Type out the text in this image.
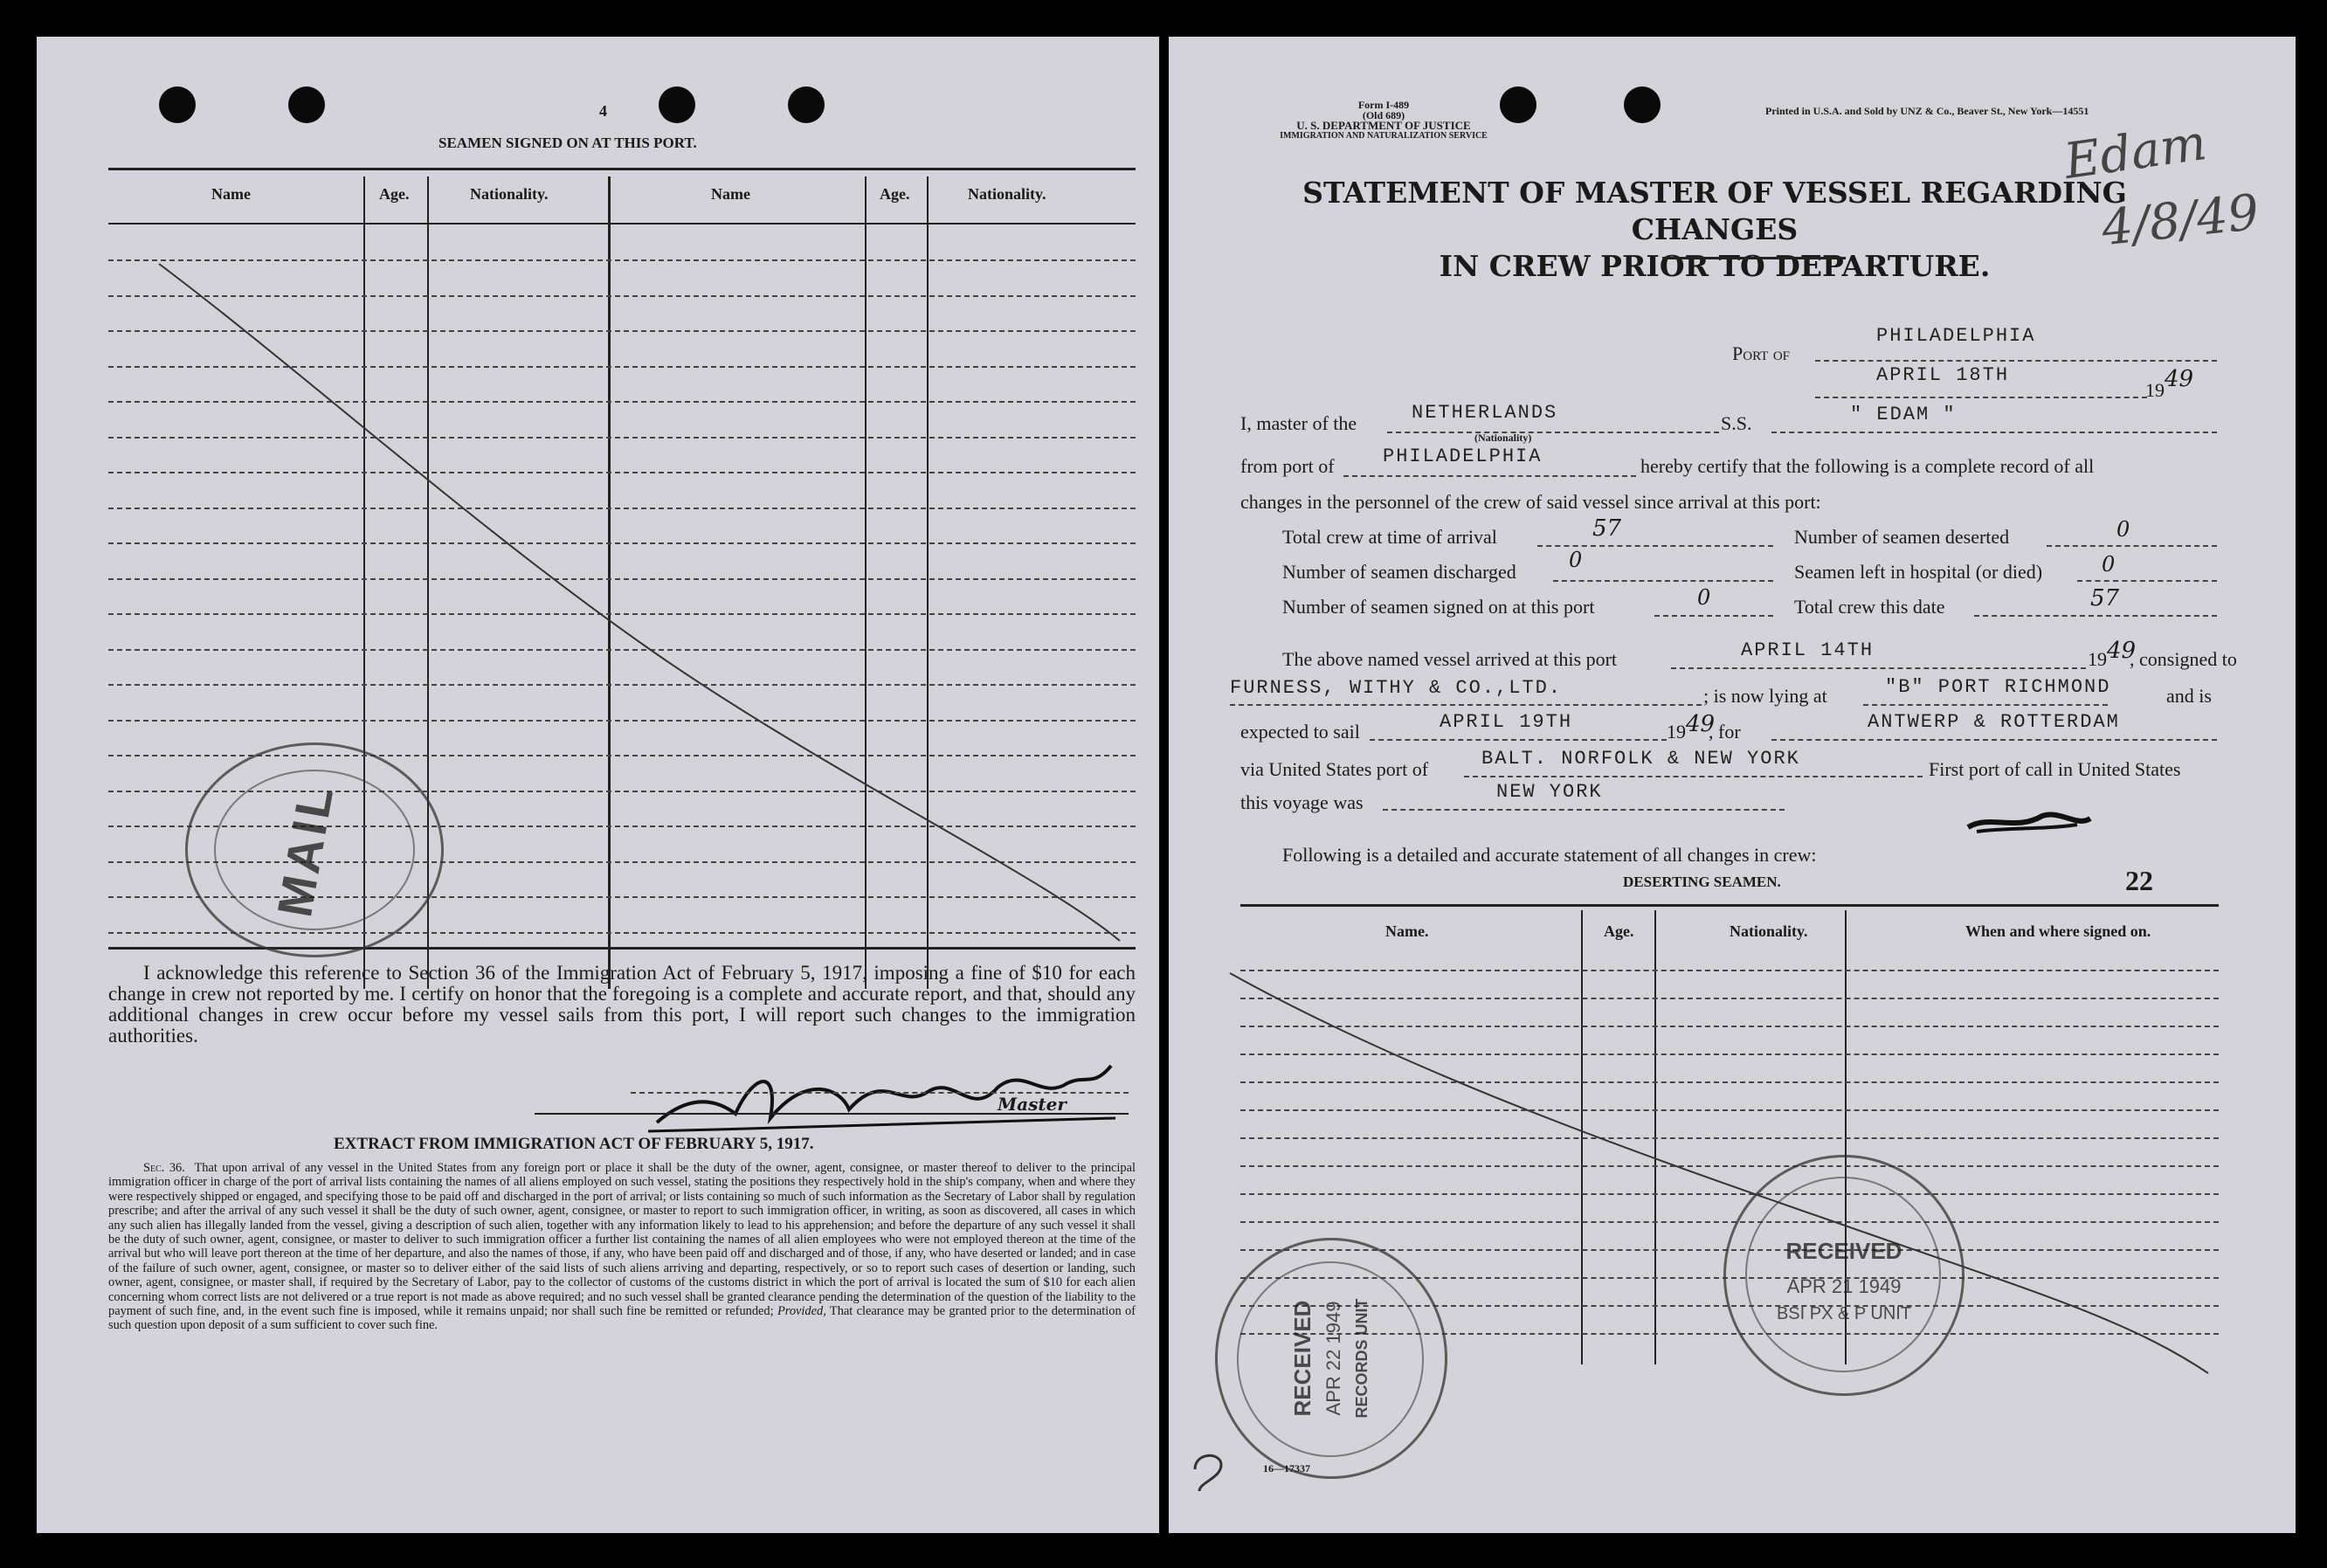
4
SEAMEN SIGNED ON AT THIS PORT.
Name	Age.	Nationality.	Name	Age.	Nationality.
I acknowledge this reference to Section 36 of the Immigration Act of February 5, 1917, imposing a fine of $10 for each change in crew not reported by me. I certify on honor that the foregoing is a complete and accurate report, and that, should any additional changes in crew occur before my vessel sails from this port, I will report such changes to the immigration authorities.
Master
EXTRACT FROM IMMIGRATION ACT OF FEBRUARY 5, 1917.
Sec. 36. That upon arrival of any vessel in the United States from any foreign port or place it shall be the duty of the owner, agent, consignee, or master thereof to deliver to the principal immigration officer in charge of the port of arrival lists containing the names of all aliens employed on such vessel, stating the positions they respectively hold in the ship's company, when and where they were respectively shipped or engaged, and specifying those to be paid off and discharged in the port of arrival; or lists containing so much of such information as the Secretary of Labor shall by regulation prescribe; and after the arrival of any such vessel it shall be the duty of such owner, agent, consignee, or master to report to such immigration officer, in writing, as soon as discovered, all cases in which any such alien has illegally landed from the vessel, giving a description of such alien, together with any information likely to lead to his apprehension; and before the departure of any such vessel it shall be the duty of such owner, agent, consignee, or master to deliver to such immigration officer a further list containing the names of all alien employees who were not employed thereon at the time of the arrival but who will leave port thereon at the time of her departure, and also the names of those, if any, who have been paid off and discharged and of those, if any, who have deserted or landed; and in case of the failure of such owner, agent, consignee, or master so to deliver either of the said lists of such aliens arriving and departing, respectively, or so to report such cases of desertion or landing, such owner, agent, consignee, or master shall, if required by the Secretary of Labor, pay to the collector of customs of the customs district in which the port of arrival is located the sum of $10 for each alien concerning whom correct lists are not delivered or a true report is not made as above required; and no such vessel shall be granted clearance pending the determination of the question of the liability to the payment of such fine, and, in the event such fine is imposed, while it remains unpaid; nor shall such fine be remitted or refunded; Provided, That clearance may be granted prior to the determination of such question upon deposit of a sum sufficient to cover such fine.
MAIL
Form I-489
(Old 689)
U. S. DEPARTMENT OF JUSTICE
IMMIGRATION AND NATURALIZATION SERVICE
Printed in U.S.A. and Sold by UNZ & Co., Beaver St., New York—14551
Edam
4/8/49
STATEMENT OF MASTER OF VESSEL REGARDING CHANGES
IN CREW PRIOR TO DEPARTURE.
Port of
PHILADELPHIA
APRIL 18TH
19 49
I, master of the	NETHERLANDS
(Nationality)
S.S.	" EDAM "
from port of	PHILADELPHIA	hereby certify that the following is a complete record of all
changes in the personnel of the crew of said vessel since arrival at this port:
Total crew at time of arrival	57	Number of seamen deserted	0
Number of seamen discharged	0	Seamen left in hospital (or died)	0
Number of seamen signed on at this port	0	Total crew this date	57
The above named vessel arrived at this port	APRIL 14TH	19 49
, consigned to
FURNESS, WITHY & CO.,LTD.	; is now lying at	"B" PORT RICHMOND	and is
expected to sail	APRIL 19TH	19 49
, for	ANTWERP & ROTTERDAM
via United States port of	BALT. NORFOLK & NEW YORK	First port of call in United States
this voyage was	NEW YORK
Following is a detailed and accurate statement of all changes in crew:
DESERTING SEAMEN.	22
Name.	Age.	Nationality.	When and where signed on.
RECEIVED
APR 21 1949
BSI PX & P UNIT
RECEIVED APR 22 1949 RECORDS UNIT
16—17337
